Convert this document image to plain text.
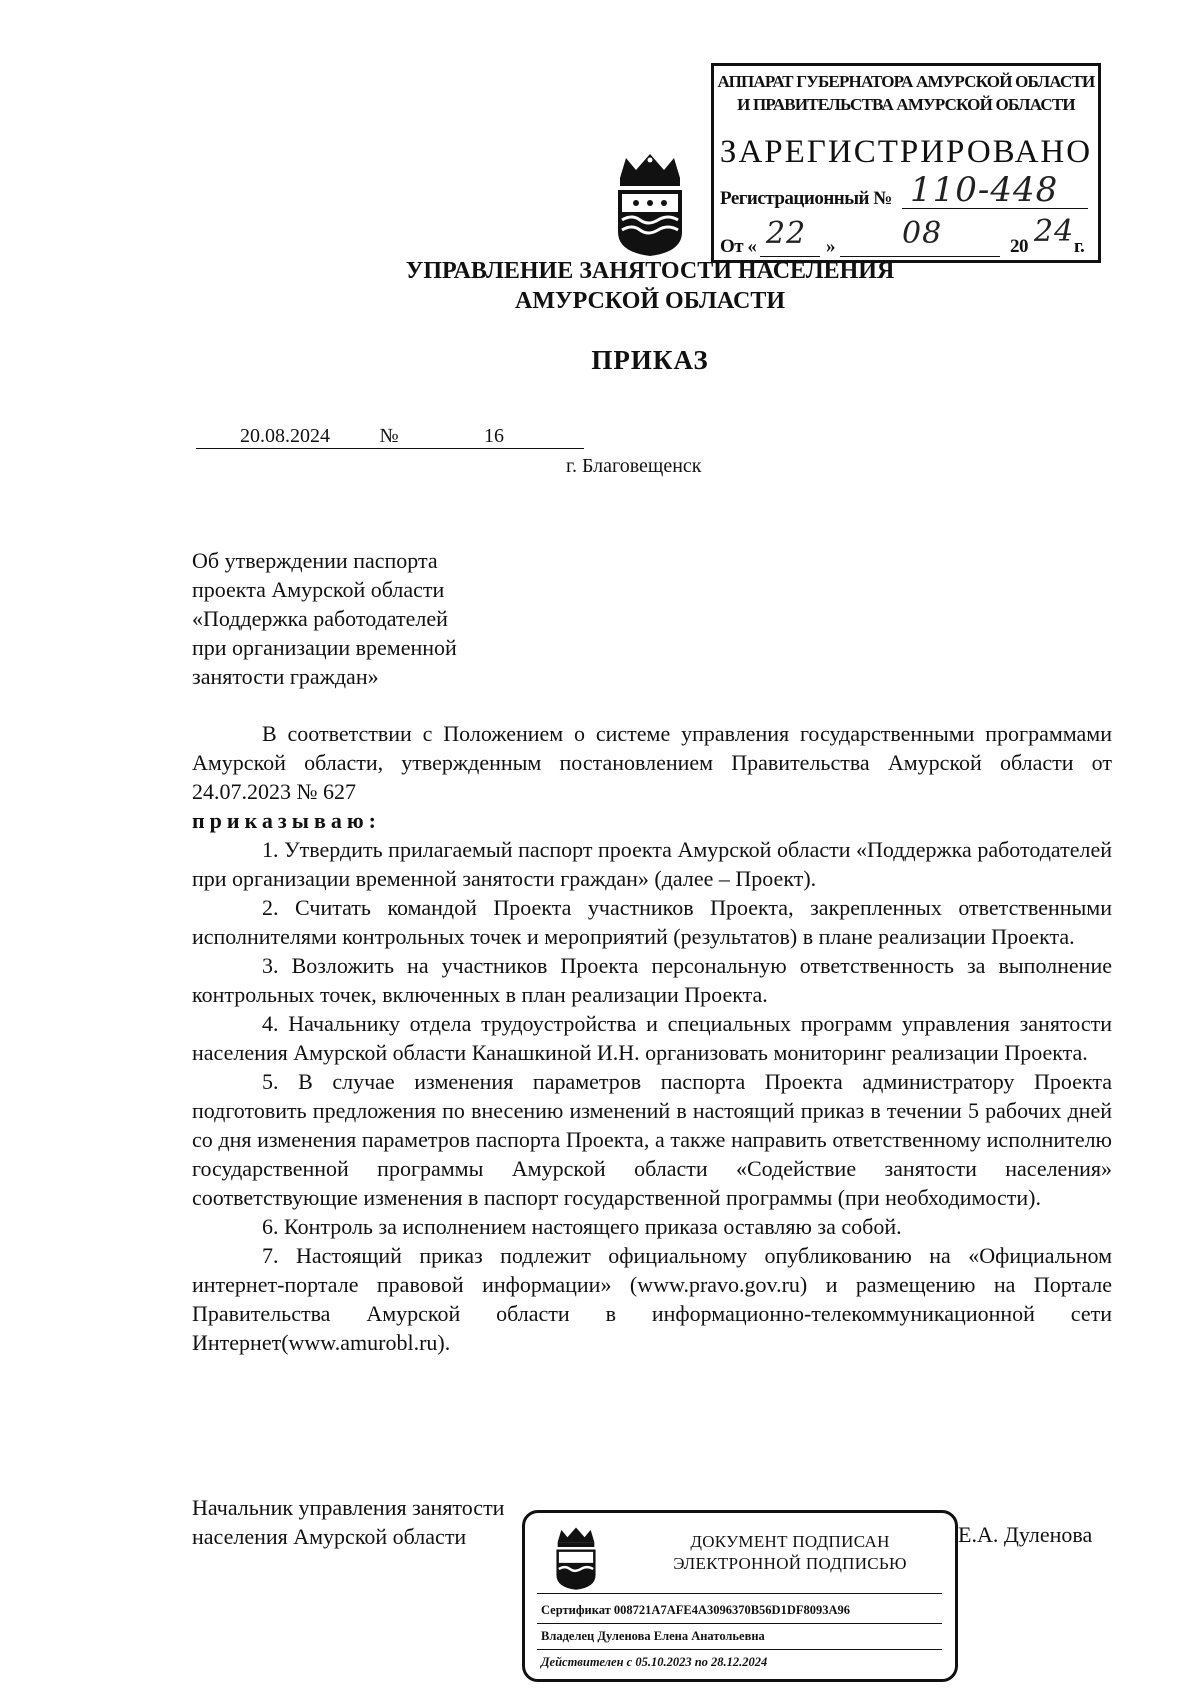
АППАРАТ ГУБЕРНАТОРА АМУРСКОЙ ОБЛАСТИ
И ПРАВИТЕЛЬСТВА АМУРСКОЙ ОБЛАСТИ
ЗАРЕГИСТРИРОВАНО
Регистрационный № 110-448
От « 22 » 08	20 24 г.
УПРАВЛЕНИЕ ЗАНЯТОСТИ НАСЕЛЕНИЯ
АМУРСКОЙ ОБЛАСТИ
ПРИКАЗ
20.08.2024 №	16
г. Благовещенск
Об утверждении паспорта
проекта Амурской области
«Поддержка работодателей
при организации временной
занятости граждан»

В соответствии с Положением о системе управления государственными программами Амурской области, утвержденным постановлением Правительства Амурской области от 24.07.2023 № 627

приказываю:

1. Утвердить прилагаемый паспорт проекта Амурской области «Поддержка работодателей при организации временной занятости граждан» (далее – Проект).

2. Считать командой Проекта участников Проекта, закрепленных ответственными исполнителями контрольных точек и мероприятий (результатов) в плане реализации Проекта.

3. Возложить на участников Проекта персональную ответственность за выполнение контрольных точек, включенных в план реализации Проекта.

4. Начальнику отдела трудоустройства и специальных программ управления занятости населения Амурской области Канашкиной И.Н. организовать мониторинг реализации Проекта.

5. В случае изменения параметров паспорта Проекта администратору Проекта подготовить предложения по внесению изменений в настоящий приказ в течении 5 рабочих дней со дня изменения параметров паспорта Проекта, а также направить ответственному исполнителю государственной программы Амурской области «Содействие занятости населения» соответствующие изменения в паспорт государственной программы (при необходимости).

6. Контроль за исполнением настоящего приказа оставляю за собой.

7. Настоящий приказ подлежит официальному опубликованию на «Официальном интернет-портале правовой информации» (www.pravo.gov.ru) и размещению на Портале Правительства Амурской области в информационно-телекоммуникационной сети Интернет(www.amurobl.ru).

Начальник управления занятости
населения Амурской области	Е.А. Дуленова
ДОКУМЕНТ ПОДПИСАН
ЭЛЕКТРОННОЙ ПОДПИСЬЮ
Сертификат 008721A7AFE4A3096370B56D1DF8093A96
Владелец Дуленова Елена Анатольевна
Действителен с 05.10.2023 по 28.12.2024
